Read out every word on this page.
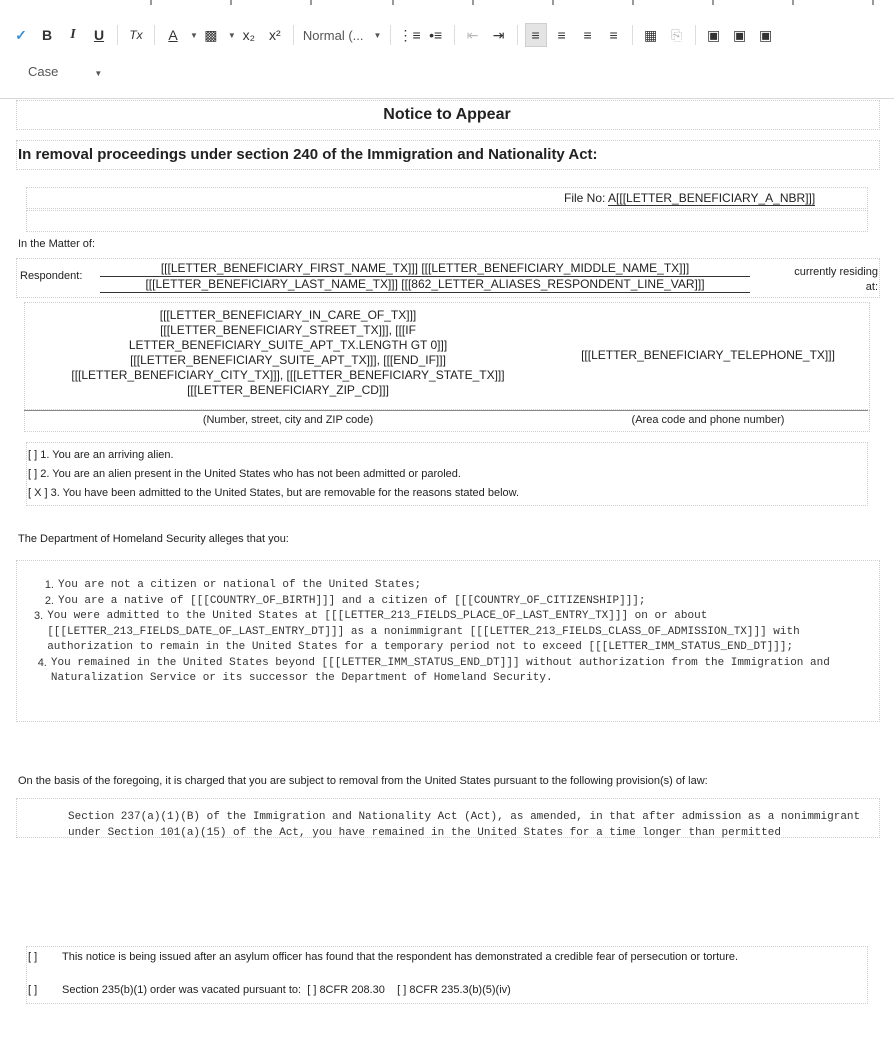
✓	B	I	U	Tx	A	▼ ▩	▼ x₂ x²	Normal (... ▼ ⋮≡ •≡	⇤	⇥	≡	≡	≡	≡	▦ ⎘	▣ ▣ ▣
Case	▼
Notice to Appear
In removal proceedings under section 240 of the Immigration and Nationality Act:
File No: A[[[LETTER_BENEFICIARY_A_NBR]]]
In the Matter of:
Respondent:
[[[LETTER_BENEFICIARY_FIRST_NAME_TX]]] [[[LETTER_BENEFICIARY_MIDDLE_NAME_TX]]]
[[[LETTER_BENEFICIARY_LAST_NAME_TX]]] [[[862_LETTER_ALIASES_RESPONDENT_LINE_VAR]]]
currently residing
at:
[[[LETTER_BENEFICIARY_IN_CARE_OF_TX]]]
[[[LETTER_BENEFICIARY_STREET_TX]]], [[[IF
LETTER_BENEFICIARY_SUITE_APT_TX.LENGTH GT 0]]]
[[[LETTER_BENEFICIARY_SUITE_APT_TX]]], [[[END_IF]]]
[[[LETTER_BENEFICIARY_CITY_TX]]], [[[LETTER_BENEFICIARY_STATE_TX]]]
[[[LETTER_BENEFICIARY_ZIP_CD]]]
[[[LETTER_BENEFICIARY_TELEPHONE_TX]]]
(Number, street, city and ZIP code)	(Area code and phone number)
[ ] 1. You are an arriving alien.
[ ] 2. You are an alien present in the United States who has not been admitted or paroled.
[ X ] 3. You have been admitted to the United States, but are removable for the reasons stated below.
The Department of Homeland Security alleges that you:
1. You are not a citizen or national of the United States;
2. You are a native of [[[COUNTRY_OF_BIRTH]]] and a citizen of [[[COUNTRY_OF_CITIZENSHIP]]];
3. You were admitted to the United States at [[[LETTER_213_FIELDS_PLACE_OF_LAST_ENTRY_TX]]] on or about [[[LETTER_213_FIELDS_DATE_OF_LAST_ENTRY_DT]]] as a nonimmigrant [[[LETTER_213_FIELDS_CLASS_OF_ADMISSION_TX]]] with authorization to remain in the United States for a temporary period not to exceed [[[LETTER_IMM_STATUS_END_DT]]];
4. You remained in the United States beyond [[[LETTER_IMM_STATUS_END_DT]]] without authorization from the Immigration and Naturalization Service or its successor the Department of Homeland Security.
On the basis of the foregoing, it is charged that you are subject to removal from the United States pursuant to the following provision(s) of law:
Section 237(a)(1)(B) of the Immigration and Nationality Act (Act), as amended, in that after admission as a nonimmigrant under Section 101(a)(15) of the Act, you have remained in the United States for a time longer than permitted
[ ]	This notice is being issued after an asylum officer has found that the respondent has demonstrated a credible fear of persecution or torture.
[ ] Section 235(b)(1) order was vacated pursuant to: [ ] 8CFR 208.30 [ ] 8CFR 235.3(b)(5)(iv)
